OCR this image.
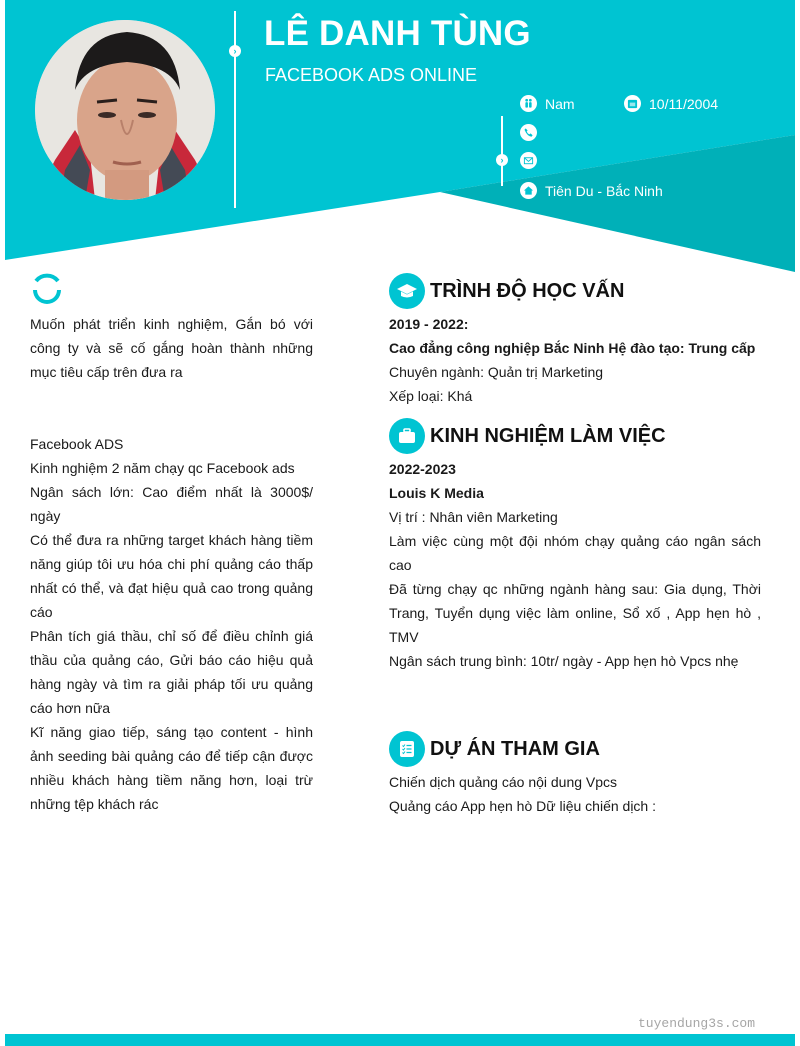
›
›
LÊ DANH TÙNG
FACEBOOK ADS ONLINE
Nam	10/11/2004
Tiên Du - Bắc Ninh
Muốn phát triển kinh nghiệm, Gắn bó với công ty và sẽ cố gắng hoàn thành những mục tiêu cấp trên đưa ra
Facebook ADS
Kinh nghiệm 2 năm chạy qc Facebook ads
Ngân sách lớn: Cao điểm nhất là 3000$/ ngày
Có thể đưa ra những target khách hàng tiềm năng giúp tôi ưu hóa chi phí quảng cáo thấp nhất có thể, và đạt hiệu quả cao trong quảng cáo
Phân tích giá thầu, chỉ số để điều chỉnh giá thầu của quảng cáo, Gửi báo cáo hiệu quả hàng ngày và tìm ra giải pháp tối ưu quảng cáo hơn nữa
Kĩ năng giao tiếp, sáng tạo content - hình ảnh seeding bài quảng cáo để tiếp cận được nhiều khách hàng tiềm năng hơn, loại trừ những tệp khách rác
TRÌNH ĐỘ HỌC VẤN
2019 - 2022:
Cao đẳng công nghiệp Bắc Ninh Hệ đào tạo: Trung cấp
Chuyên ngành: Quản trị Marketing
Xếp loại: Khá
KINH NGHIỆM LÀM VIỆC
2022-2023
Louis K Media
Vị trí : Nhân viên Marketing
Làm việc cùng một đội nhóm chạy quảng cáo ngân sách cao
Đã từng chạy qc những ngành hàng sau: Gia dụng, Thời Trang, Tuyển dụng việc làm online, Sổ xố , App hẹn hò , TMV
Ngân sách trung bình: 10tr/ ngày - App hẹn hò Vpcs nhẹ
DỰ ÁN THAM GIA
Chiến dịch quảng cáo nội dung Vpcs
Quảng cáo App hẹn hò Dữ liệu chiến dịch :
tuyendung3s.com
